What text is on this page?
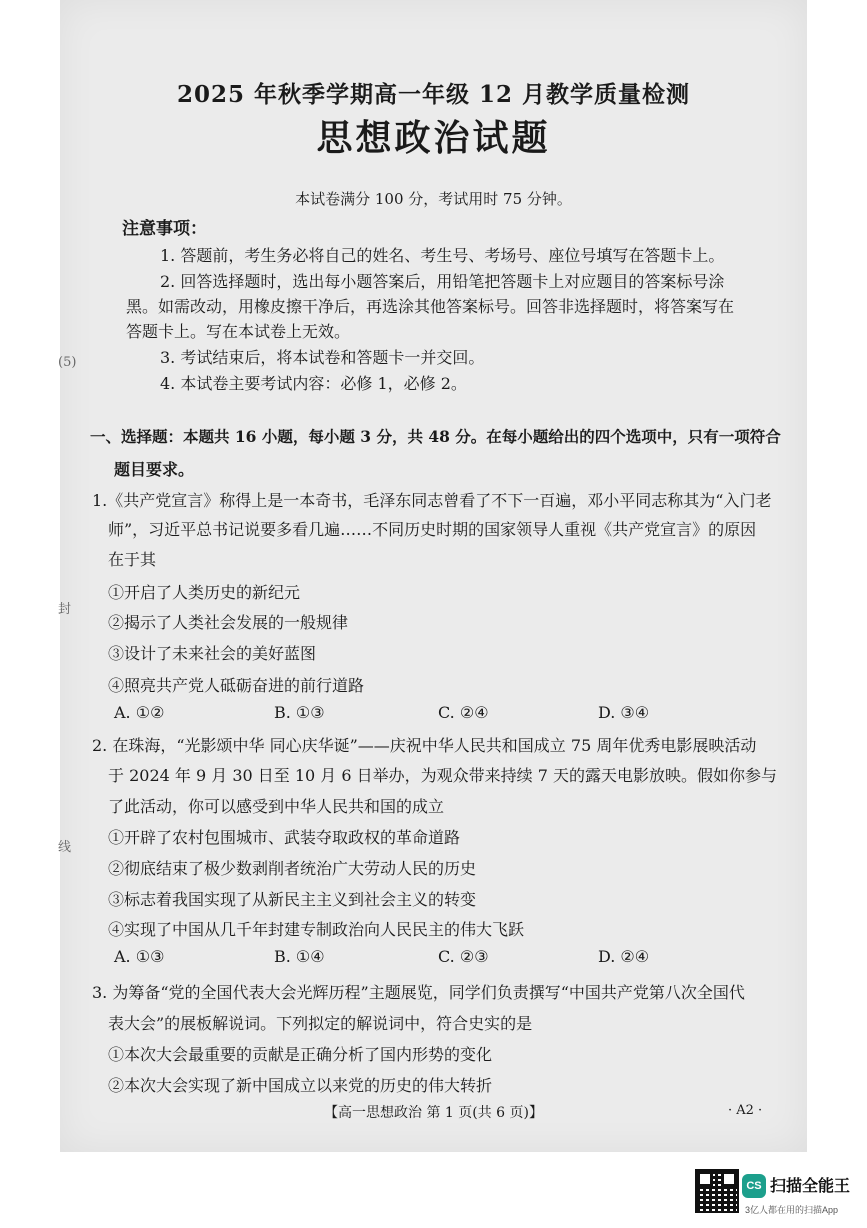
2025 年秋季学期高一年级 12 月教学质量检测
思想政治试题
本试卷满分 100 分，考试用时 75 分钟。
注意事项：
1. 答题前，考生务必将自己的姓名、考生号、考场号、座位号填写在答题卡上。
2. 回答选择题时，选出每小题答案后，用铅笔把答题卡上对应题目的答案标号涂
黑。如需改动，用橡皮擦干净后，再选涂其他答案标号。回答非选择题时，将答案写在
答题卡上。写在本试卷上无效。
3. 考试结束后，将本试卷和答题卡一并交回。
4. 本试卷主要考试内容：必修 1，必修 2。
一、选择题：本题共 16 小题，每小题 3 分，共 48 分。在每小题给出的四个选项中，只有一项符合
题目要求。
1.《共产党宣言》称得上是一本奇书，毛泽东同志曾看了不下一百遍，邓小平同志称其为“入门老
师”，习近平总书记说要多看几遍……不同历史时期的国家领导人重视《共产党宣言》的原因
在于其
①开启了人类历史的新纪元
②揭示了人类社会发展的一般规律
③设计了未来社会的美好蓝图
④照亮共产党人砥砺奋进的前行道路
A. ①②	B. ①③	C. ②④	D. ③④
2. 在珠海，“光影颂中华 同心庆华诞”——庆祝中华人民共和国成立 75 周年优秀电影展映活动
于 2024 年 9 月 30 日至 10 月 6 日举办，为观众带来持续 7 天的露天电影放映。假如你参与
了此活动，你可以感受到中华人民共和国的成立
①开辟了农村包围城市、武装夺取政权的革命道路
②彻底结束了极少数剥削者统治广大劳动人民的历史
③标志着我国实现了从新民主主义到社会主义的转变
④实现了中国从几千年封建专制政治向人民民主的伟大飞跃
A. ①③	B. ①④	C. ②③	D. ②④
3. 为筹备“党的全国代表大会光辉历程”主题展览，同学们负责撰写“中国共产党第八次全国代
表大会”的展板解说词。下列拟定的解说词中，符合史实的是
①本次大会最重要的贡献是正确分析了国内形势的变化
②本次大会实现了新中国成立以来党的历史的伟大转折
【高一思想政治 第 1 页(共 6 页)】	· A2 ·
(5)
封
线
CS 扫描全能王
3亿人都在用的扫描App
